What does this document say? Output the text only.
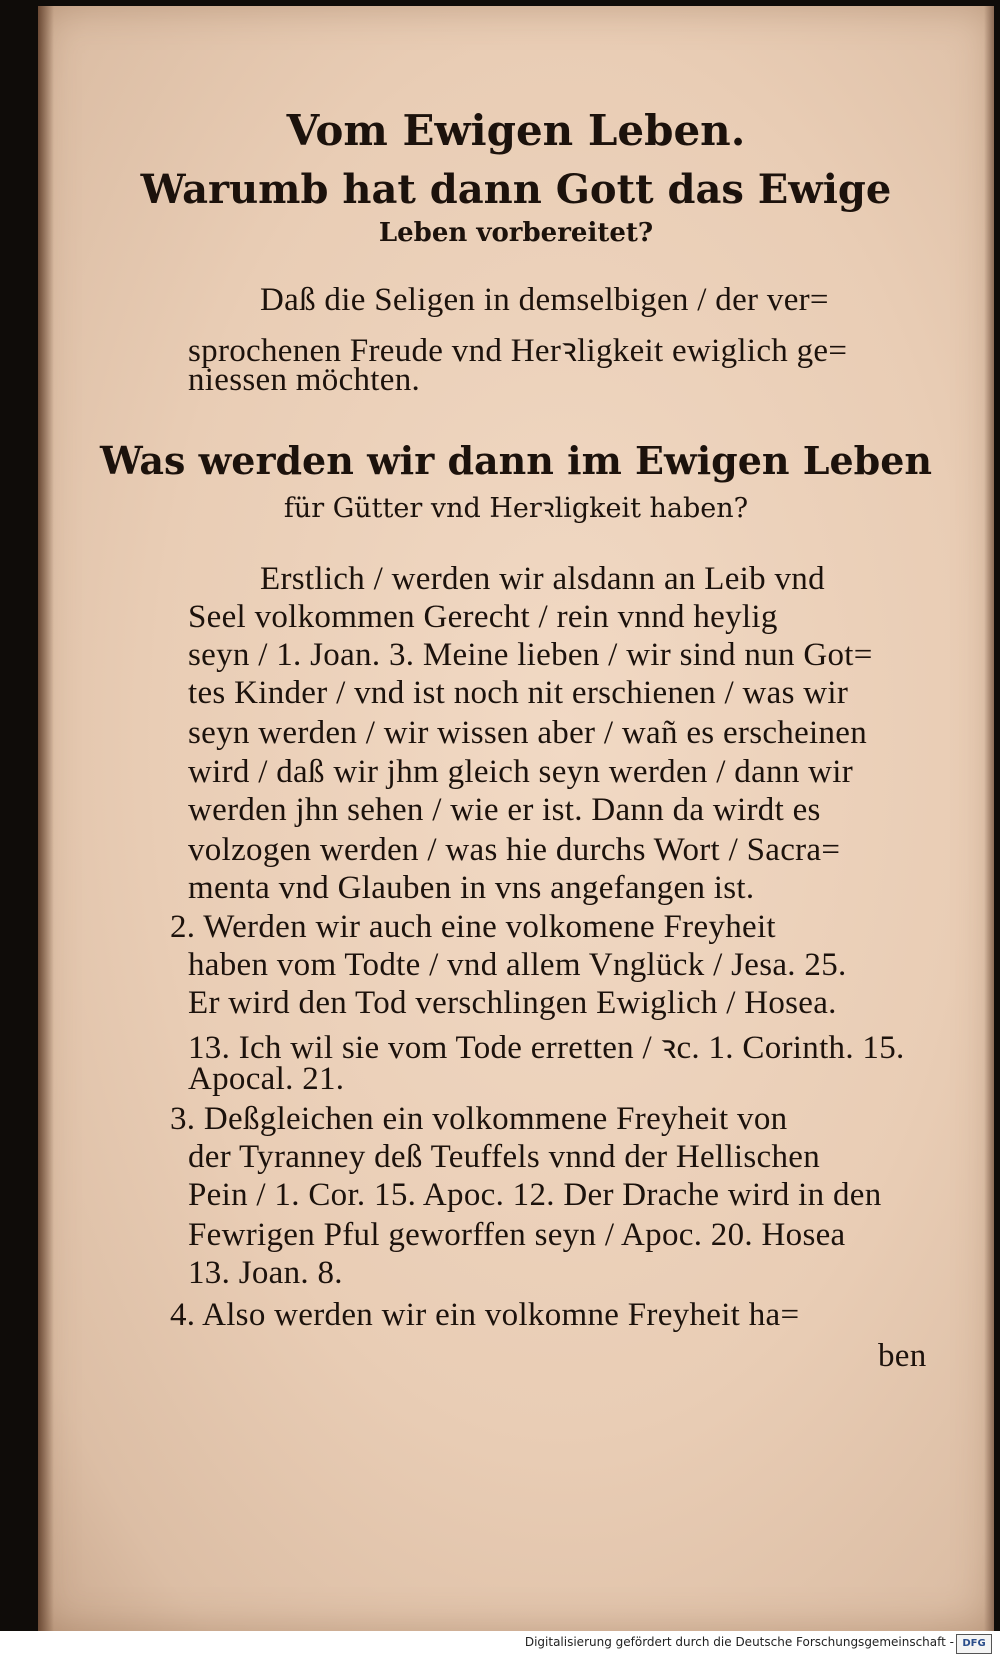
Vom Ewigen Leben.
Warumb hat dann Gott das Ewige
Leben vorbereitet?
Daß die Seligen in demselbigen / der ver=
sprochenen Freude vnd Herꝛligkeit ewiglich ge=
niessen möchten.
Was werden wir dann im Ewigen Leben
für Gütter vnd Herꝛligkeit haben?
Erstlich / werden wir alsdann an Leib vnd
Seel volkommen Gerecht / rein vnnd heylig
seyn / 1. Joan. 3. Meine lieben / wir sind nun Got=
tes Kinder / vnd ist noch nit erschienen / was wir
seyn werden / wir wissen aber / wañ es erscheinen
wird / daß wir jhm gleich seyn werden / dann wir
werden jhn sehen / wie er ist. Dann da wirdt es
volzogen werden / was hie durchs Wort / Sacra=
menta vnd Glauben in vns angefangen ist.
2. Werden wir auch eine volkomene Freyheit
haben vom Todte / vnd allem Vnglück / Jesa. 25.
Er wird den Tod verschlingen Ewiglich / Hosea.
13. Ich wil sie vom Tode erretten / ꝛc. 1. Corinth. 15.
Apocal. 21.
3. Deßgleichen ein volkommene Freyheit von
der Tyranney deß Teuffels vnnd der Hellischen
Pein / 1. Cor. 15. Apoc. 12. Der Drache wird in den
Fewrigen Pful geworffen seyn / Apoc. 20. Hosea
13. Joan. 8.
4. Also werden wir ein volkomne Freyheit ha=
ben
Digitalisierung gefördert durch die Deutsche Forschungsgemeinschaft - DFG
